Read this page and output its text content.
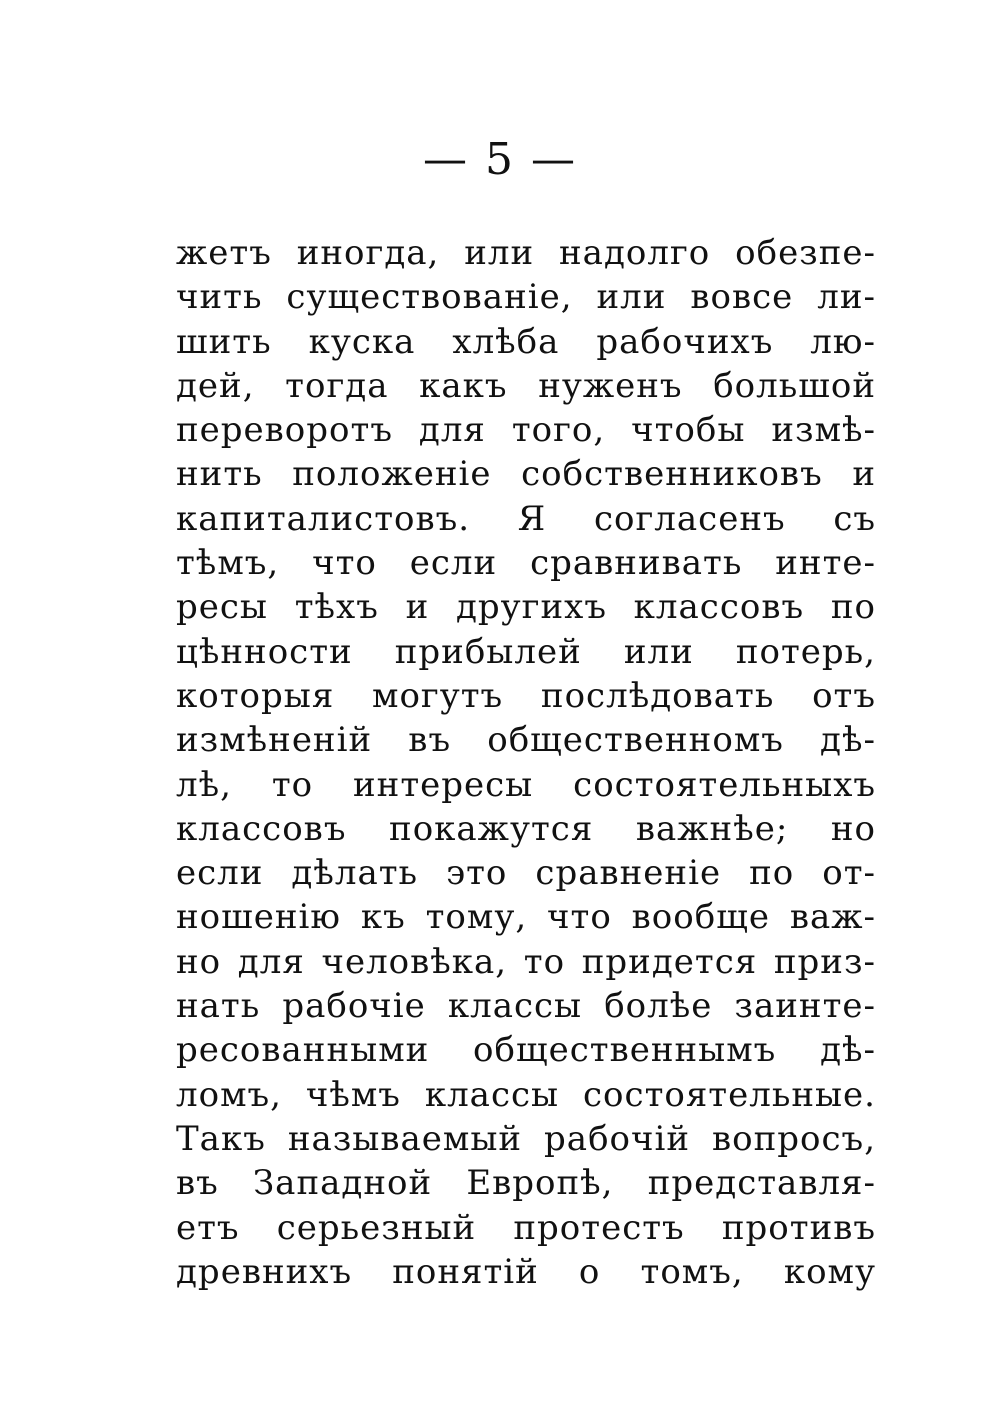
— 5 —
жетъ иногда, или надолго обезпе-
чить существованіе, или вовсе ли-
шить куска хлѣба рабочихъ лю-
дей, тогда какъ нуженъ большой
переворотъ для того, чтобы измѣ-
нить положеніе собственниковъ и
капиталистовъ. Я согласенъ съ
тѣмъ, что если сравнивать инте-
ресы тѣхъ и другихъ классовъ по
цѣнности прибылей или потерь,
которыя могутъ послѣдовать отъ
измѣненій въ общественномъ дѣ-
лѣ, то интересы состоятельныхъ
классовъ покажутся важнѣе; но
если дѣлать это сравненіе по от-
ношенію къ тому, что вообще важ-
но для человѣка, то придется приз-
нать рабочіе классы болѣе заинте-
ресованными общественнымъ дѣ-
ломъ, чѣмъ классы состоятельные.
Такъ называемый рабочій вопросъ,
въ Западной Европѣ, представля-
етъ серьезный протестъ противъ
древнихъ понятій о томъ, кому
